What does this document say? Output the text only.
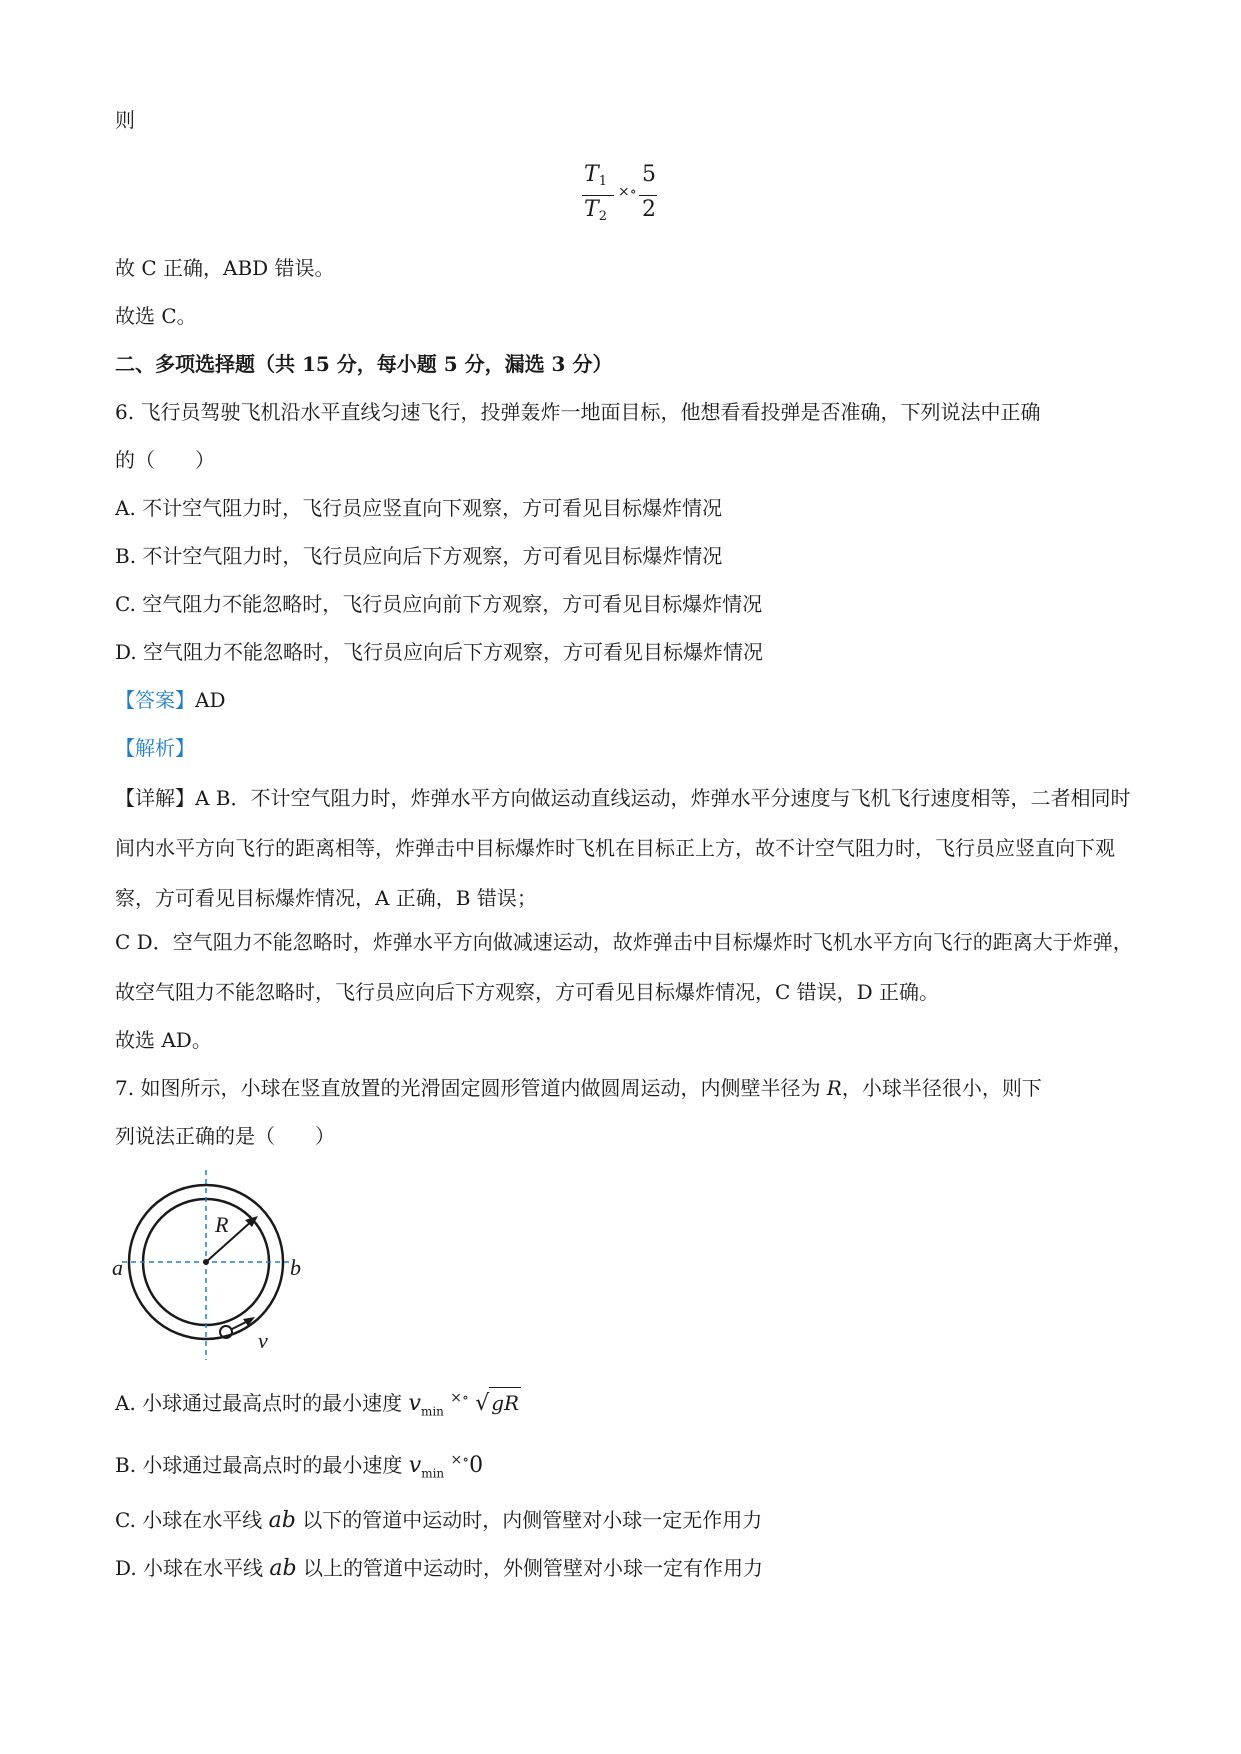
则
$T_1$
$T_2$
×∘
5
2
故 C 正确，ABD 错误。
故选 C。
二、多项选择题（共 15 分，每小题 5 分，漏选 3 分）
6. 飞行员驾驶飞机沿水平直线匀速飞行，投弹轰炸一地面目标，他想看看投弹是否准确，下列说法中正确
的（　　）
A. 不计空气阻力时，飞行员应竖直向下观察，方可看见目标爆炸情况
B. 不计空气阻力时，飞行员应向后下方观察，方可看见目标爆炸情况
C. 空气阻力不能忽略时，飞行员应向前下方观察，方可看见目标爆炸情况
D. 空气阻力不能忽略时，飞行员应向后下方观察，方可看见目标爆炸情况
【答案】AD
【解析】
【详解】A B．不计空气阻力时，炸弹水平方向做运动直线运动，炸弹水平分速度与飞机飞行速度相等，二者相同时间内水平方向飞行的距离相等，炸弹击中目标爆炸时飞机在目标正上方，故不计空气阻力时，飞行员应竖直向下观察，方可看见目标爆炸情况，A 正确，B 错误；
C D．空气阻力不能忽略时，炸弹水平方向做减速运动，故炸弹击中目标爆炸时飞机水平方向飞行的距离大于炸弹，故空气阻力不能忽略时，飞行员应向后下方观察，方可看见目标爆炸情况，C 错误，D 正确。
故选 AD。
7. 如图所示，小球在竖直放置的光滑固定圆形管道内做圆周运动，内侧壁半径为 R，小球半径很小，则下
列说法正确的是（　　）
R
a	b
v
A. 小球通过最高点时的最小速度 $v_{min}$ ×∘ √ gR
B. 小球通过最高点时的最小速度 $v_{min}$ ×∘0
C. 小球在水平线 ab 以下的管道中运动时，内侧管壁对小球一定无作用力
D. 小球在水平线 ab 以上的管道中运动时，外侧管壁对小球一定有作用力
